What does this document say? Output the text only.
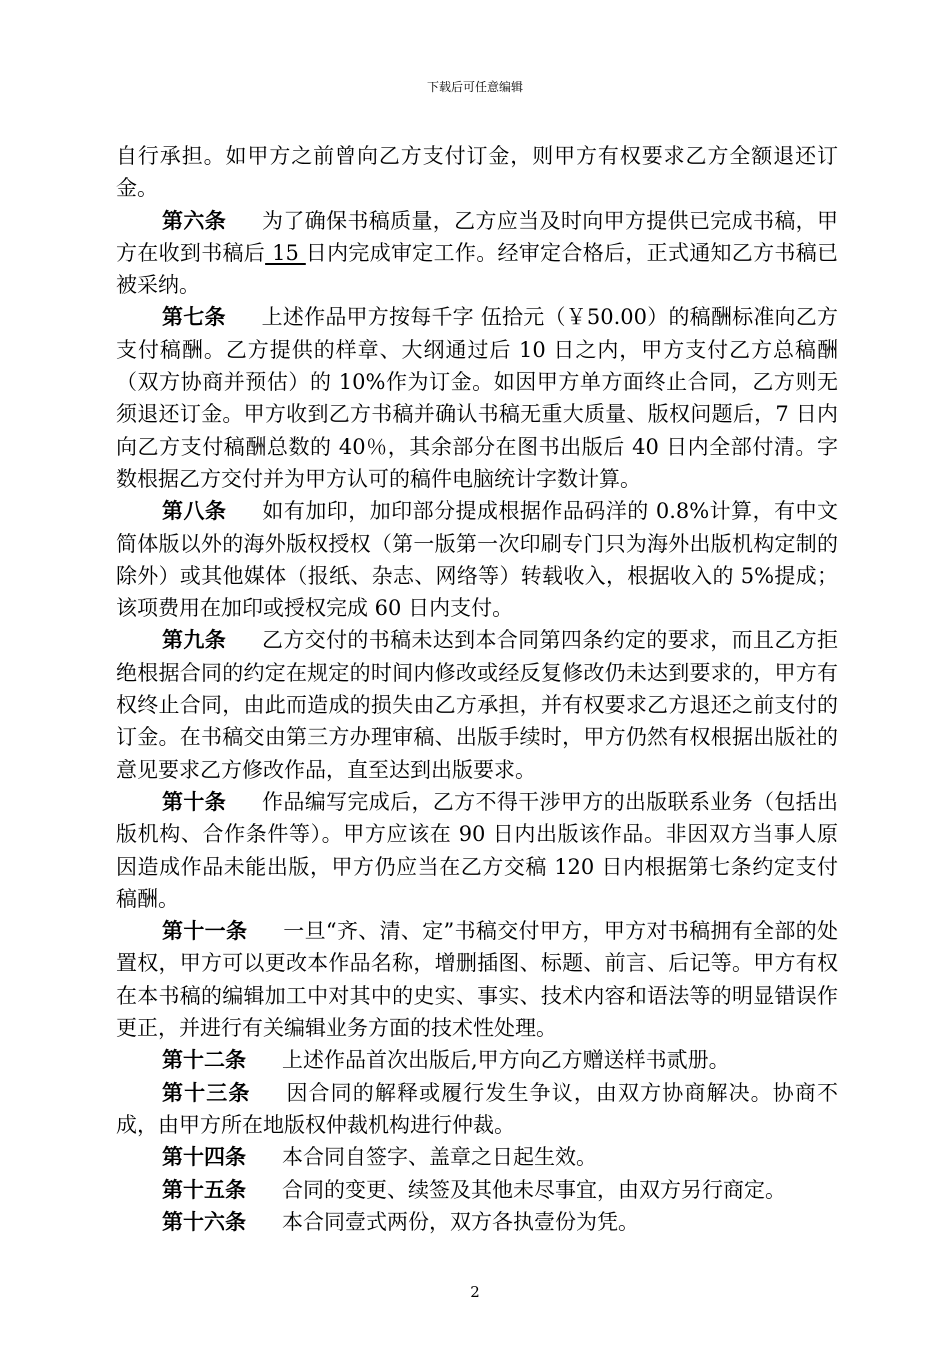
下载后可任意编辑

自行承担。如甲方之前曾向乙方支付订金，则甲方有权要求乙方全额退还订金。

第六条 为了确保书稿质量，乙方应当及时向甲方提供已完成书稿，甲方在收到书稿后 15 日内完成审定工作。经审定合格后，正式通知乙方书稿已被采纳。

第七条 上述作品甲方按每千字 伍拾元（￥50.00）的稿酬标准向乙方支付稿酬。乙方提供的样章、大纲通过后 10 日之内，甲方支付乙方总稿酬（双方协商并预估）的 10%作为订金。如因甲方单方面终止合同，乙方则无须退还订金。甲方收到乙方书稿并确认书稿无重大质量、版权问题后，7 日内向乙方支付稿酬总数的 40％，其余部分在图书出版后 40 日内全部付清。字数根据乙方交付并为甲方认可的稿件电脑统计字数计算。

第八条 如有加印，加印部分提成根据作品码洋的 0.8%计算，有中文简体版以外的海外版权授权（第一版第一次印刷专门只为海外出版机构定制的除外）或其他媒体（报纸、杂志、网络等）转载收入，根据收入的 5%提成；该项费用在加印或授权完成 60 日内支付。

第九条 乙方交付的书稿未达到本合同第四条约定的要求，而且乙方拒绝根据合同的约定在规定的时间内修改或经反复修改仍未达到要求的，甲方有权终止合同，由此而造成的损失由乙方承担，并有权要求乙方退还之前支付的订金。在书稿交由第三方办理审稿、出版手续时，甲方仍然有权根据出版社的意见要求乙方修改作品，直至达到出版要求。

第十条 作品编写完成后，乙方不得干涉甲方的出版联系业务（包括出版机构、合作条件等）。甲方应该在 90 日内出版该作品。非因双方当事人原因造成作品未能出版，甲方仍应当在乙方交稿 120 日内根据第七条约定支付稿酬。

第十一条 一旦“齐、清、定”书稿交付甲方，甲方对书稿拥有全部的处置权，甲方可以更改本作品名称，增删插图、标题、前言、后记等。甲方有权在本书稿的编辑加工中对其中的史实、事实、技术内容和语法等的明显错误作更正，并进行有关编辑业务方面的技术性处理。

第十二条 上述作品首次出版后,甲方向乙方赠送样书贰册。

第十三条 因合同的解释或履行发生争议，由双方协商解决。协商不成，由甲方所在地版权仲裁机构进行仲裁。

第十四条 本合同自签字、盖章之日起生效。

第十五条 合同的变更、续签及其他未尽事宜，由双方另行商定。

第十六条 本合同壹式两份，双方各执壹份为凭。

2
